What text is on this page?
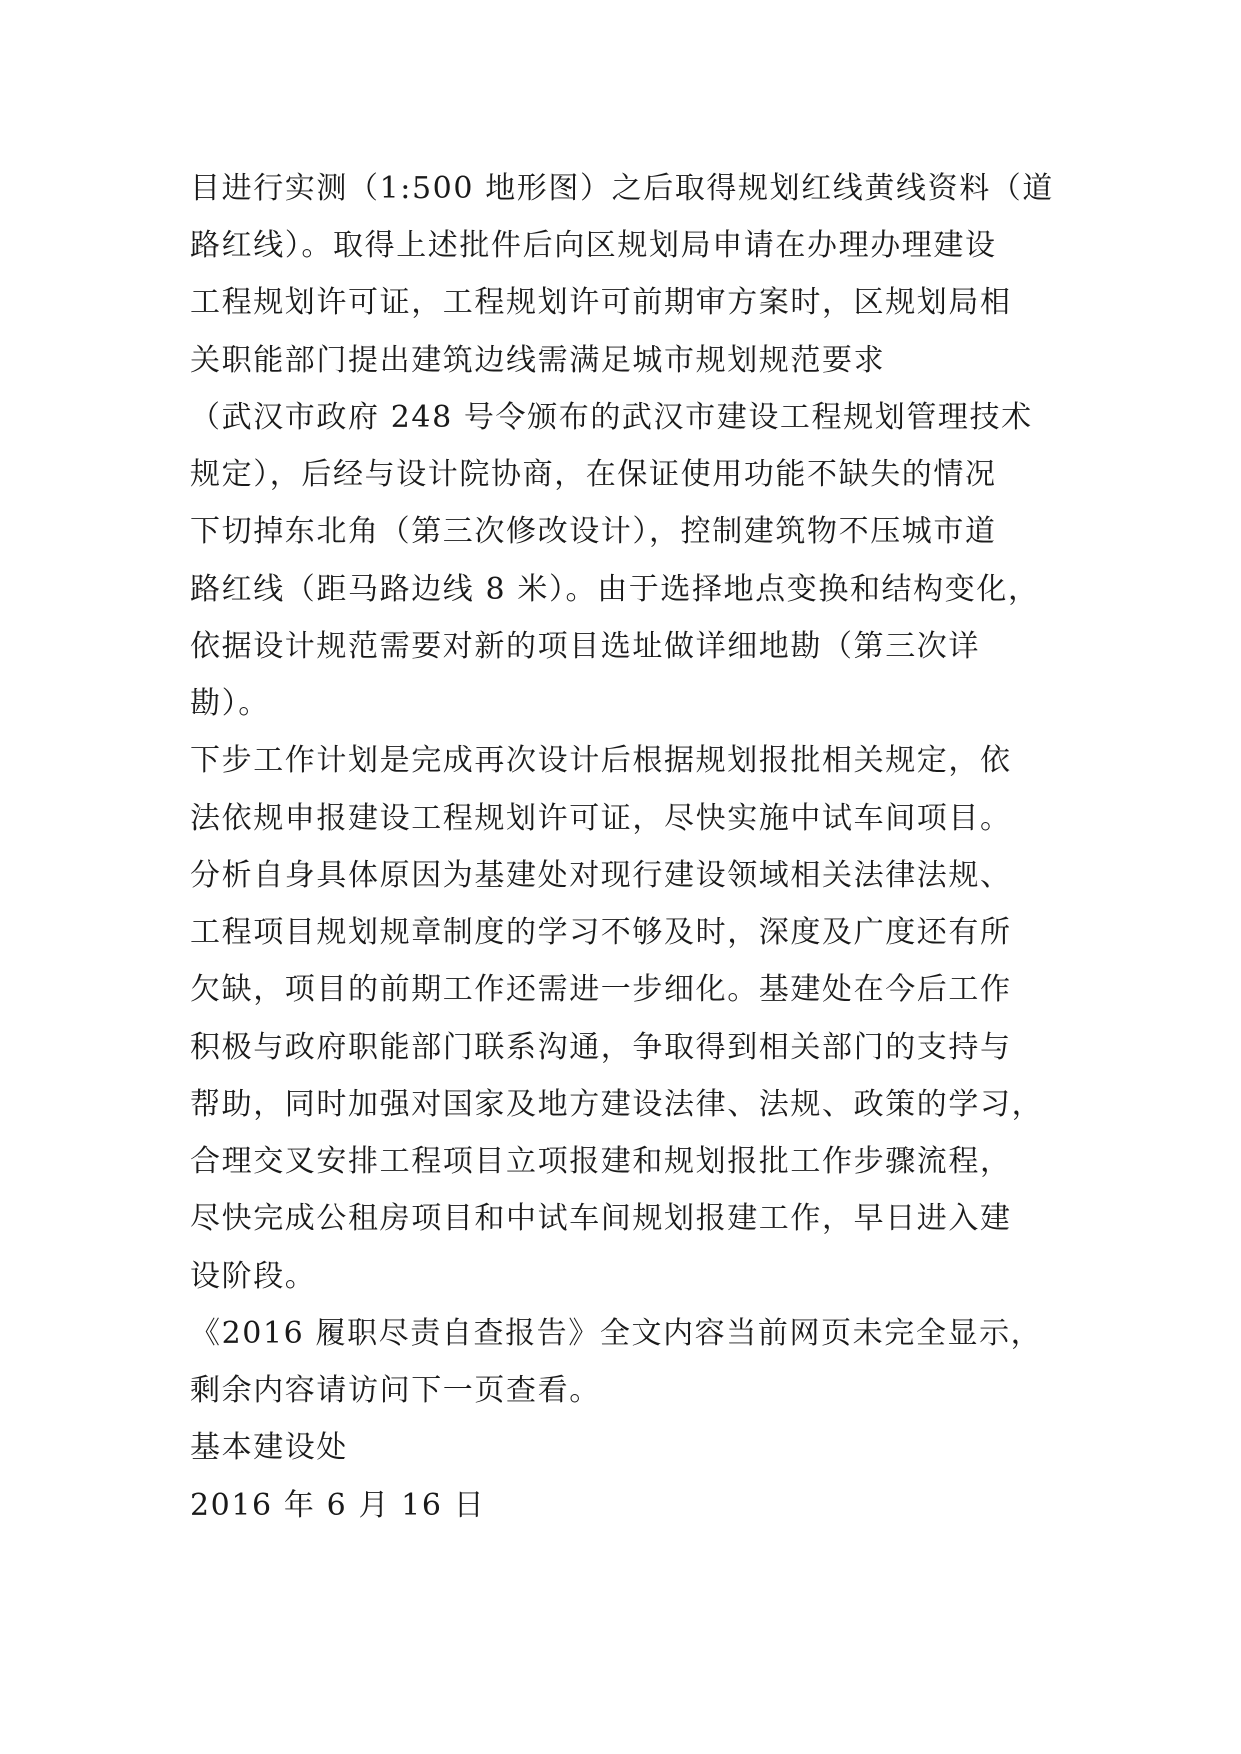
目进行实测（1:500 地形图）之后取得规划红线黄线资料（道
路红线）。取得上述批件后向区规划局申请在办理办理建设
工程规划许可证，工程规划许可前期审方案时，区规划局相
关职能部门提出建筑边线需满足城市规划规范要求
（武汉市政府 248 号令颁布的武汉市建设工程规划管理技术
规定），后经与设计院协商，在保证使用功能不缺失的情况
下切掉东北角（第三次修改设计），控制建筑物不压城市道
路红线（距马路边线 8 米）。由于选择地点变换和结构变化，
依据设计规范需要对新的项目选址做详细地勘（第三次详
勘）。
下步工作计划是完成再次设计后根据规划报批相关规定，依
法依规申报建设工程规划许可证，尽快实施中试车间项目。
分析自身具体原因为基建处对现行建设领域相关法律法规、
工程项目规划规章制度的学习不够及时，深度及广度还有所
欠缺，项目的前期工作还需进一步细化。基建处在今后工作
积极与政府职能部门联系沟通，争取得到相关部门的支持与
帮助，同时加强对国家及地方建设法律、法规、政策的学习，
合理交叉安排工程项目立项报建和规划报批工作步骤流程，
尽快完成公租房项目和中试车间规划报建工作，早日进入建
设阶段。
《2016 履职尽责自查报告》全文内容当前网页未完全显示，
剩余内容请访问下一页查看。
基本建设处
2016 年 6 月 16 日
